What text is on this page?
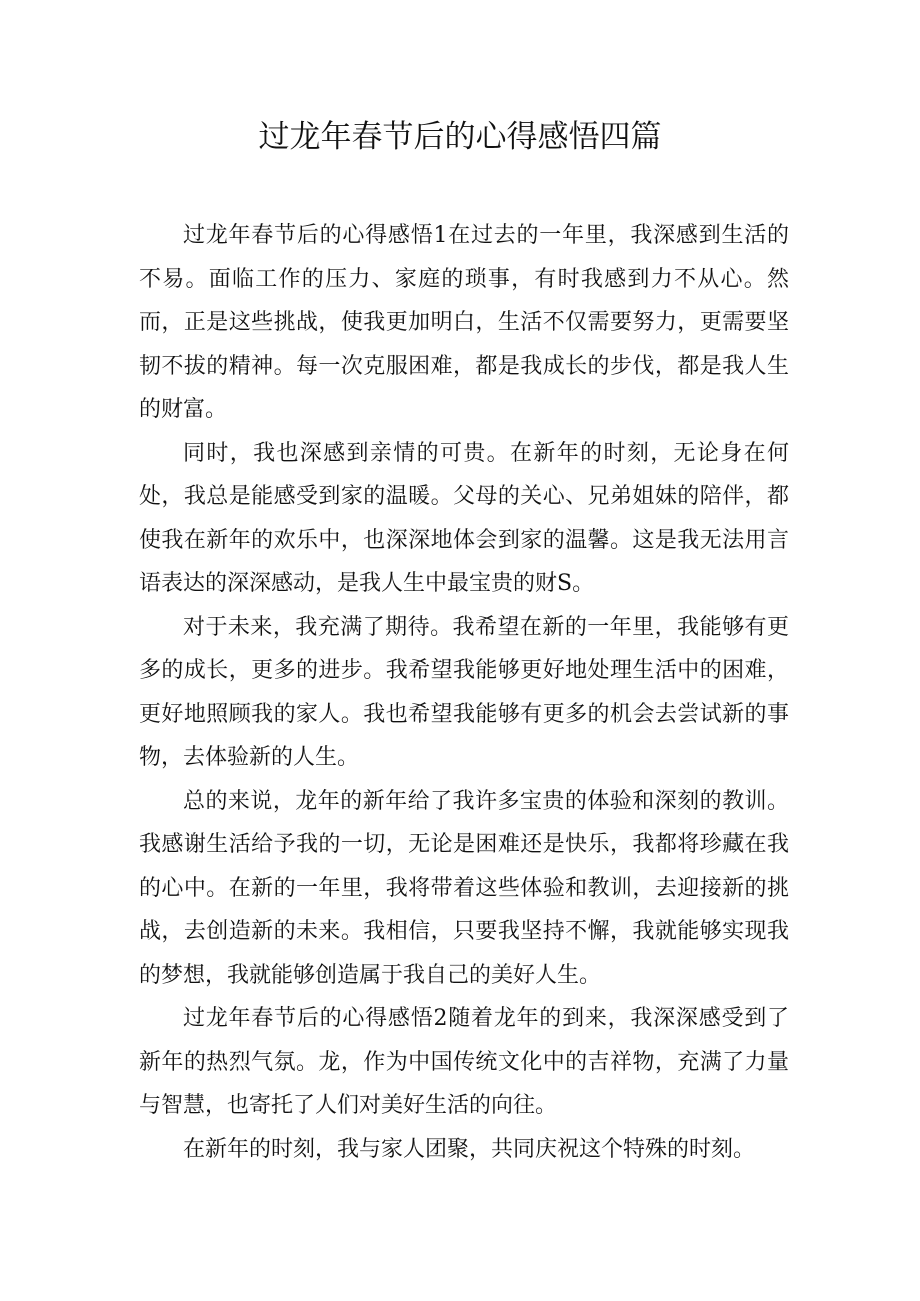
过龙年春节后的心得感悟四篇

过龙年春节后的心得感悟1在过去的一年里，我深感到生活的不易。面临工作的压力、家庭的琐事，有时我感到力不从心。然而，正是这些挑战，使我更加明白，生活不仅需要努力，更需要坚韧不拔的精神。每一次克服困难，都是我成长的步伐，都是我人生的财富。

同时，我也深感到亲情的可贵。在新年的时刻，无论身在何处，我总是能感受到家的温暖。父母的关心、兄弟姐妹的陪伴，都使我在新年的欢乐中，也深深地体会到家的温馨。这是我无法用言语表达的深深感动，是我人生中最宝贵的财S。

对于未来，我充满了期待。我希望在新的一年里，我能够有更多的成长，更多的进步。我希望我能够更好地处理生活中的困难，更好地照顾我的家人。我也希望我能够有更多的机会去尝试新的事物，去体验新的人生。

总的来说，龙年的新年给了我许多宝贵的体验和深刻的教训。我感谢生活给予我的一切，无论是困难还是快乐，我都将珍藏在我的心中。在新的一年里，我将带着这些体验和教训，去迎接新的挑战，去创造新的未来。我相信，只要我坚持不懈，我就能够实现我的梦想，我就能够创造属于我自己的美好人生。

过龙年春节后的心得感悟2随着龙年的到来，我深深感受到了新年的热烈气氛。龙，作为中国传统文化中的吉祥物，充满了力量与智慧，也寄托了人们对美好生活的向往。

在新年的时刻，我与家人团聚，共同庆祝这个特殊的时刻。
